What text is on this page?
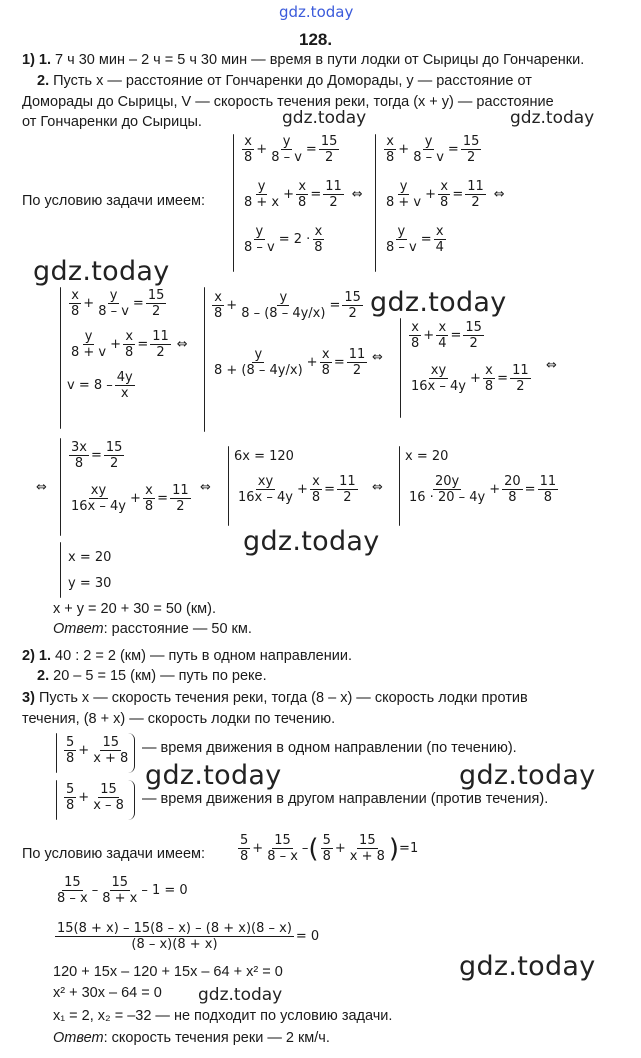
gdz.today
gdz.today	gdz.today
gdz.today
gdz.today
gdz.today
gdz.today	gdz.today
gdz.today
gdz.today
128.
1) 1. 7 ч 30 мин – 2 ч = 5 ч 30 мин — время в пути лодки от Сырицы до Гончаренки.
2. Пусть x — расстояние от Гончаренки до Домоpады, y — расстояние от
Доморады до Сырицы, V — скорость течения реки, тогда (x + y) — расстояние
от Гончаренки до Сырицы.
По условию задачи имеем:
$\frac{x}{8} + \frac{y}{8 - v} = \frac{15}{2}$
$\frac{y}{8 + x} + \frac{x}{8} = \frac{11}{2}$ ⇔
$\frac{y}{8 - v} = 2 \cdot \frac{x}{8}$
$\frac{x}{8} + \frac{y}{8 - v} = \frac{15}{2}$
$\frac{y}{8 + v} + \frac{x}{8} = \frac{11}{2}$ ⇔
$\frac{y}{8 - v} = \frac{x}{4}$
$\frac{x}{8} + \frac{y}{8 - v} = \frac{15}{2}$
$\frac{y}{8 + v} + \frac{x}{8} = \frac{11}{2}$ ⇔
$v = 8 - \frac{4y}{x}$
$\frac{x}{8} + \frac{y}{8 - (8 - 4y/x)} = \frac{15}{2}$
$\frac{y}{8 + (8 - 4y/x)} + \frac{x}{8} = \frac{11}{2}$ ⇔
$\frac{x}{8} + \frac{x}{4} = \frac{15}{2}$
$\frac{xy}{16x - 4y} + \frac{x}{8} = \frac{11}{2}$ ⇔
⇔
$\frac{3x}{8} = \frac{15}{2}$
$\frac{xy}{16x - 4y} + \frac{x}{8} = \frac{11}{2}$ ⇔
6x = 120
$\frac{xy}{16x - 4y} + \frac{x}{8} = \frac{11}{2}$ ⇔
x = 20
$\frac{20y}{16 \cdot 20 - 4y} + \frac{20}{8} = \frac{11}{8}$
x = 20
y = 30
x + y = 20 + 30 = 50 (км).
Ответ: расстояние — 50 км.
2) 1. 40 : 2 = 2 (км) — путь в одном направлении.
2. 20 – 5 = 15 (км) — путь по реке.
3) Пусть x — скорость течения реки, тогда (8 – x) — скорость лодки против
течения, (8 + x) — скорость лодки по течению.
$\frac{5}{8} + \frac{15}{x + 8}$ — время движения в одном направлении (по течению).
$\frac{5}{8} + \frac{15}{x - 8}$ — время движения в другом направлении (против течения).
По условию задачи имеем:	$\frac{5}{8} + \frac{15}{8 - x}$ – ( $\frac{5}{8} + \frac{15}{x + 8}$ ) =1
$\frac{15}{8 - x} - \frac{15}{8 + x} - 1 = 0$
$\frac{15(8 + x) - 15(8 - x) - (8 + x)(8 - x)}{(8 - x)(8 + x)} = 0$
120 + 15x – 120 + 15x – 64 + x² = 0
x² + 30x – 64 = 0
x₁ = 2, x₂ = –32 — не подходит по условию задачи.
Ответ: скорость течения реки — 2 км/ч.
